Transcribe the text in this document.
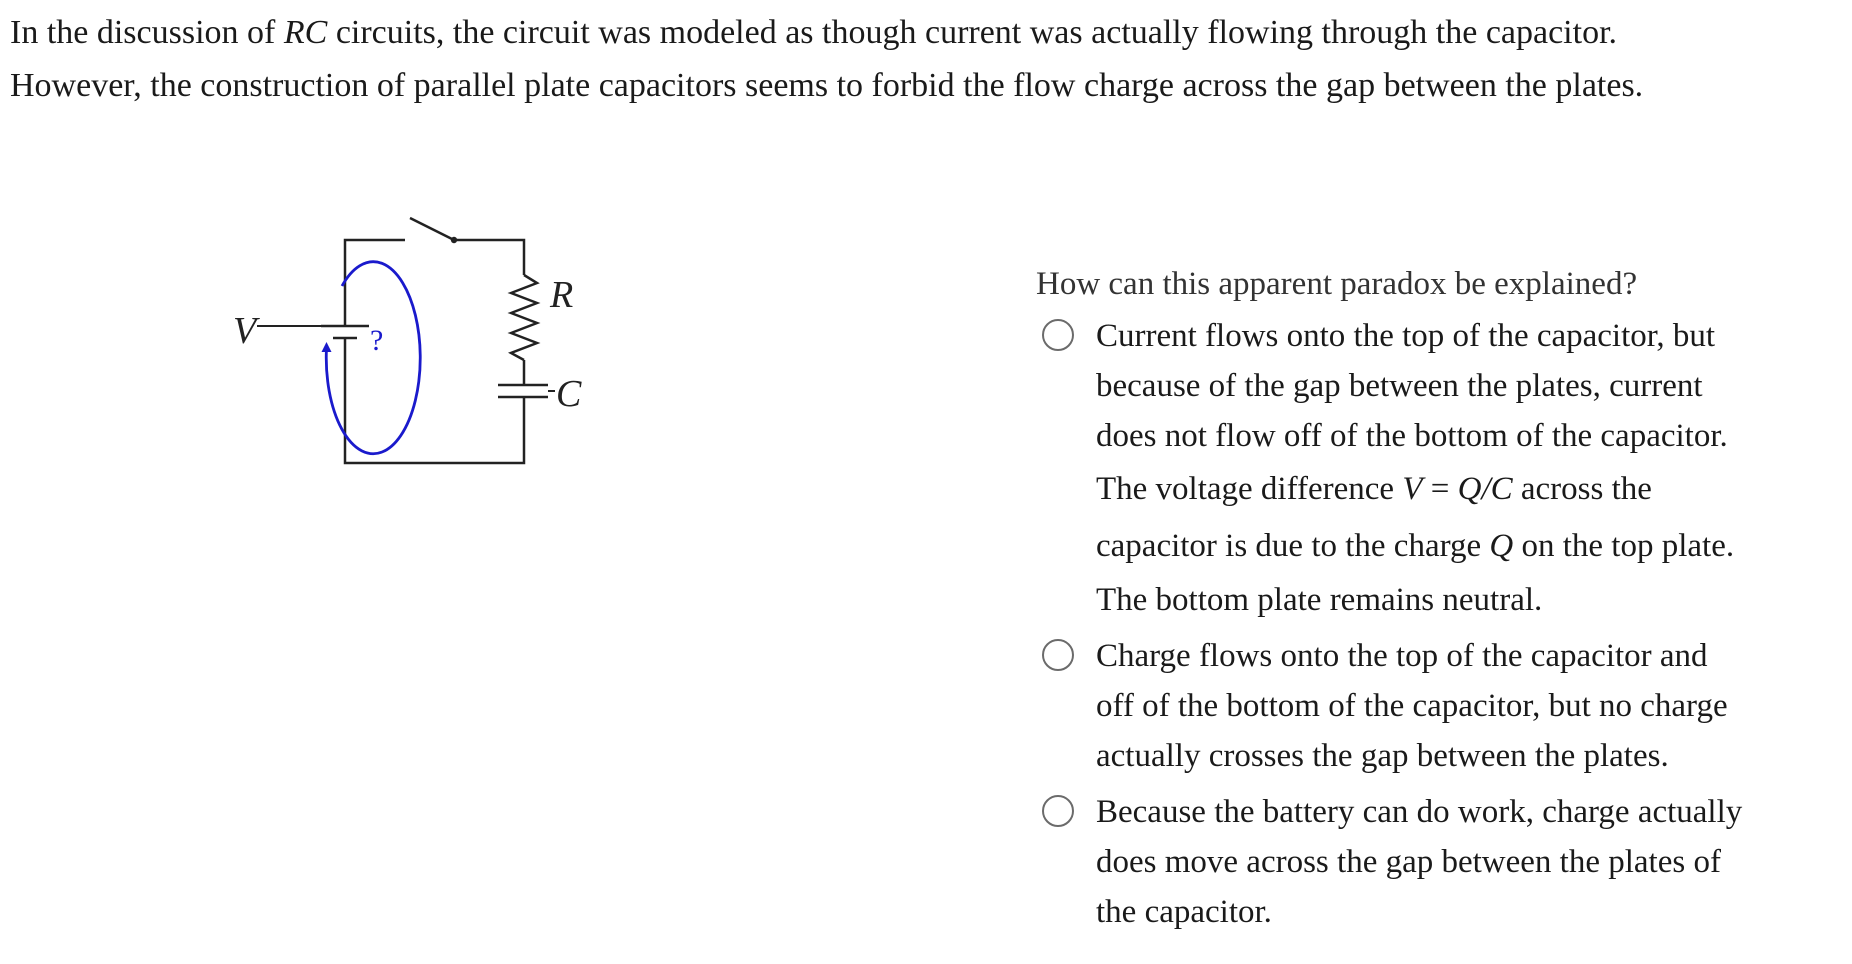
In the discussion of RC circuits, the circuit was modeled as though current was actually flowing through the capacitor.

However, the construction of parallel plate capacitors seems to forbid the flow charge across the gap between the plates.

V
R
C
?

How can this apparent paradox be explained?

Current flows onto the top of the capacitor, but
because of the gap between the plates, current
does not flow off of the bottom of the capacitor.
The voltage difference V = Q/C across the
capacitor is due to the charge Q on the top plate.
The bottom plate remains neutral.
Charge flows onto the top of the capacitor and
off of the bottom of the capacitor, but no charge
actually crosses the gap between the plates.
Because the battery can do work, charge actually
does move across the gap between the plates of
the capacitor.
